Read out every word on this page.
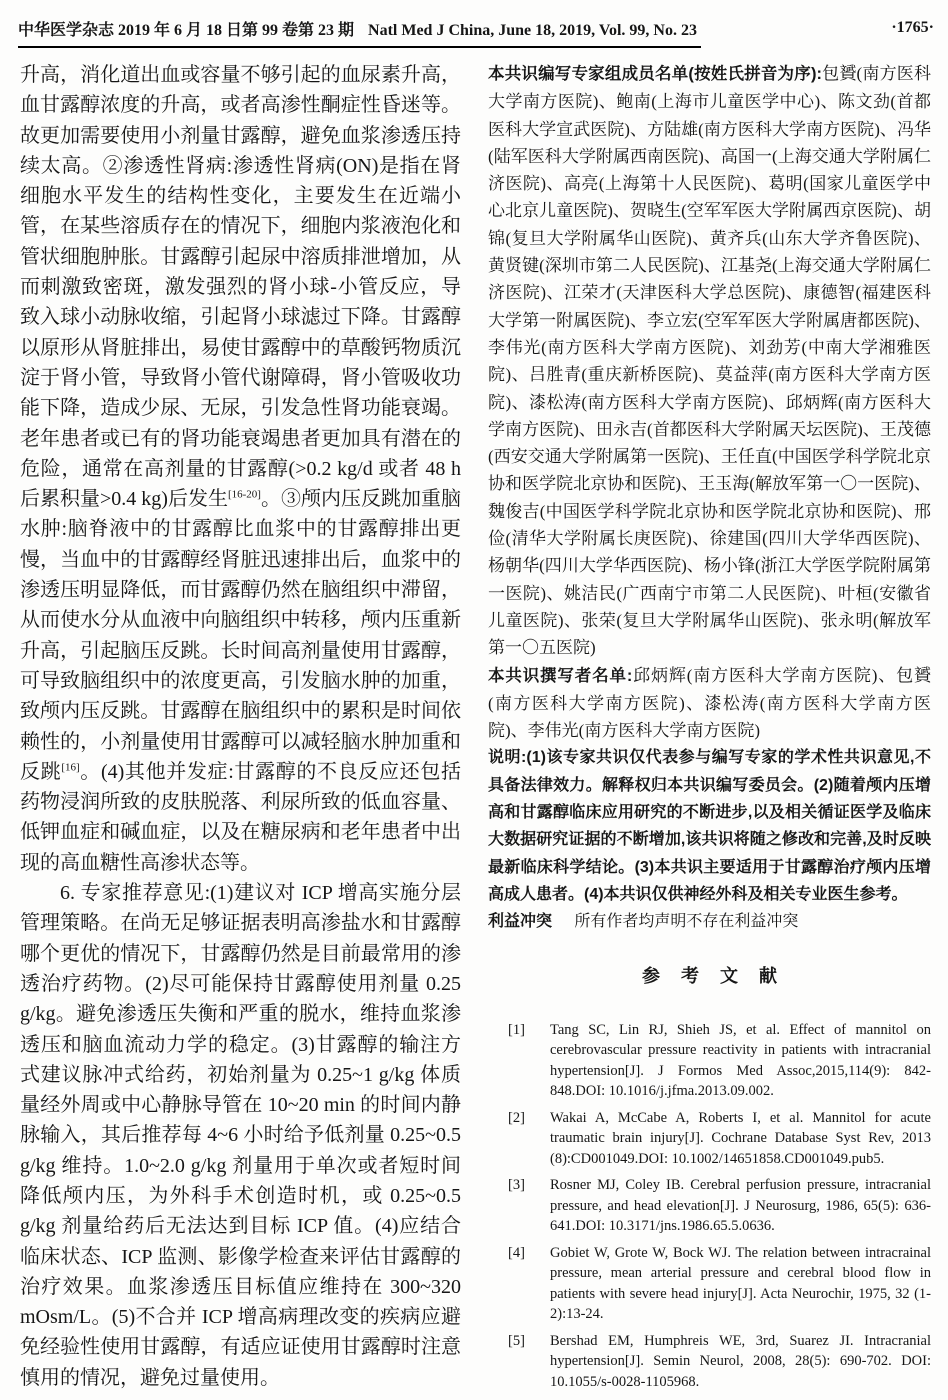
中华医学杂志 2019 年 6 月 18 日第 99 卷第 23 期 Natl Med J China, June 18, 2019, Vol. 99, No. 23	·1765·

升高，消化道出血或容量不够引起的血尿素升高，血甘露醇浓度的升高，或者高渗性酮症性昏迷等。故更加需要使用小剂量甘露醇，避免血浆渗透压持续太高。②渗透性肾病:渗透性肾病(ON)是指在肾细胞水平发生的结构性变化，主要发生在近端小管，在某些溶质存在的情况下，细胞内浆液泡化和管状细胞肿胀。甘露醇引起尿中溶质排泄增加，从而刺激致密斑，激发强烈的肾小球-小管反应，导致入球小动脉收缩，引起肾小球滤过下降。甘露醇以原形从肾脏排出，易使甘露醇中的草酸钙物质沉淀于肾小管，导致肾小管代谢障碍，肾小管吸收功能下降，造成少尿、无尿，引发急性肾功能衰竭。老年患者或已有的肾功能衰竭患者更加具有潜在的危险，通常在高剂量的甘露醇(>0.2 kg/d 或者 48 h 后累积量>0.4 kg)后发生[16-20]。③颅内压反跳加重脑水肿:脑脊液中的甘露醇比血浆中的甘露醇排出更慢，当血中的甘露醇经肾脏迅速排出后，血浆中的渗透压明显降低，而甘露醇仍然在脑组织中滞留，从而使水分从血液中向脑组织中转移，颅内压重新升高，引起脑压反跳。长时间高剂量使用甘露醇，可导致脑组织中的浓度更高，引发脑水肿的加重，致颅内压反跳。甘露醇在脑组织中的累积是时间依赖性的，小剂量使用甘露醇可以减轻脑水肿加重和反跳[16]。(4)其他并发症:甘露醇的不良反应还包括药物浸润所致的皮肤脱落、利尿所致的低血容量、低钾血症和碱血症，以及在糖尿病和老年患者中出现的高血糖性高渗状态等。

6. 专家推荐意见:(1)建议对 ICP 增高实施分层管理策略。在尚无足够证据表明高渗盐水和甘露醇哪个更优的情况下，甘露醇仍然是目前最常用的渗透治疗药物。(2)尽可能保持甘露醇使用剂量 0.25 g/kg。避免渗透压失衡和严重的脱水，维持血浆渗透压和脑血流动力学的稳定。(3)甘露醇的输注方式建议脉冲式给药，初始剂量为 0.25~1 g/kg 体质量经外周或中心静脉导管在 10~20 min 的时间内静脉输入，其后推荐每 4~6 小时给予低剂量 0.25~0.5 g/kg 维持。1.0~2.0 g/kg 剂量用于单次或者短时间降低颅内压，为外科手术创造时机，或 0.25~0.5 g/kg 剂量给药后无法达到目标 ICP 值。(4)应结合临床状态、ICP 监测、影像学检查来评估甘露醇的治疗效果。血浆渗透压目标值应维持在 300~320 mOsm/L。(5)不合并 ICP 增高病理改变的疾病应避免经验性使用甘露醇，有适应证使用甘露醇时注意慎用的情况，避免过量使用。

本共识编写专家组成员名单(按姓氏拼音为序):包贇(南方医科大学南方医院)、鲍南(上海市儿童医学中心)、陈文劲(首都医科大学宣武医院)、方陆雄(南方医科大学南方医院)、冯华(陆军医科大学附属西南医院)、高国一(上海交通大学附属仁济医院)、高亮(上海第十人民医院)、葛明(国家儿童医学中心北京儿童医院)、贺晓生(空军军医大学附属西京医院)、胡锦(复旦大学附属华山医院)、黄齐兵(山东大学齐鲁医院)、黄贤键(深圳市第二人民医院)、江基尧(上海交通大学附属仁济医院)、江荣才(天津医科大学总医院)、康德智(福建医科大学第一附属医院)、李立宏(空军军医大学附属唐都医院)、李伟光(南方医科大学南方医院)、刘劲芳(中南大学湘雅医院)、吕胜青(重庆新桥医院)、莫益萍(南方医科大学南方医院)、漆松涛(南方医科大学南方医院)、邱炳辉(南方医科大学南方医院)、田永吉(首都医科大学附属天坛医院)、王茂德(西安交通大学附属第一医院)、王任直(中国医学科学院北京协和医学院北京协和医院)、王玉海(解放军第一〇一医院)、魏俊吉(中国医学科学院北京协和医学院北京协和医院)、邢俭(清华大学附属长庚医院)、徐建国(四川大学华西医院)、杨朝华(四川大学华西医院)、杨小锋(浙江大学医学院附属第一医院)、姚洁民(广西南宁市第二人民医院)、叶桓(安徽省儿童医院)、张荣(复旦大学附属华山医院)、张永明(解放军第一〇五医院)

本共识撰写者名单:邱炳辉(南方医科大学南方医院)、包贇(南方医科大学南方医院)、漆松涛(南方医科大学南方医院)、李伟光(南方医科大学南方医院)

说明:(1)该专家共识仅代表参与编写专家的学术性共识意见,不具备法律效力。解释权归本共识编写委员会。(2)随着颅内压增高和甘露醇临床应用研究的不断进步,以及相关循证医学及临床大数据研究证据的不断增加,该共识将随之修改和完善,及时反映最新临床科学结论。(3)本共识主要适用于甘露醇治疗颅内压增高成人患者。(4)本共识仅供神经外科及相关专业医生参考。

利益冲突 所有作者均声明不存在利益冲突

参 考 文 献
[1] Tang SC, Lin RJ, Shieh JS, et al. Effect of mannitol on cerebrovascular pressure reactivity in patients with intracranial hypertension[J]. J Formos Med Assoc,2015,114(9): 842-848.DOI: 10.1016/j.jfma.2013.09.002.
[2] Wakai A, McCabe A, Roberts I, et al. Mannitol for acute traumatic brain injury[J]. Cochrane Database Syst Rev, 2013 (8):CD001049.DOI: 10.1002/14651858.CD001049.pub5.
[3] Rosner MJ, Coley IB. Cerebral perfusion pressure, intracranial pressure, and head elevation[J]. J Neurosurg, 1986, 65(5): 636-641.DOI: 10.3171/jns.1986.65.5.0636.
[4] Gobiet W, Grote W, Bock WJ. The relation between intracrainal pressure, mean arterial pressure and cerebral blood flow in patients with severe head injury[J]. Acta Neurochir, 1975, 32 (1-2):13-24.
[5] Bershad EM, Humphreis WE, 3rd, Suarez JI. Intracranial hypertension[J]. Semin Neurol, 2008, 28(5): 690-702. DOI: 10.1055/s-0028-1105968.
